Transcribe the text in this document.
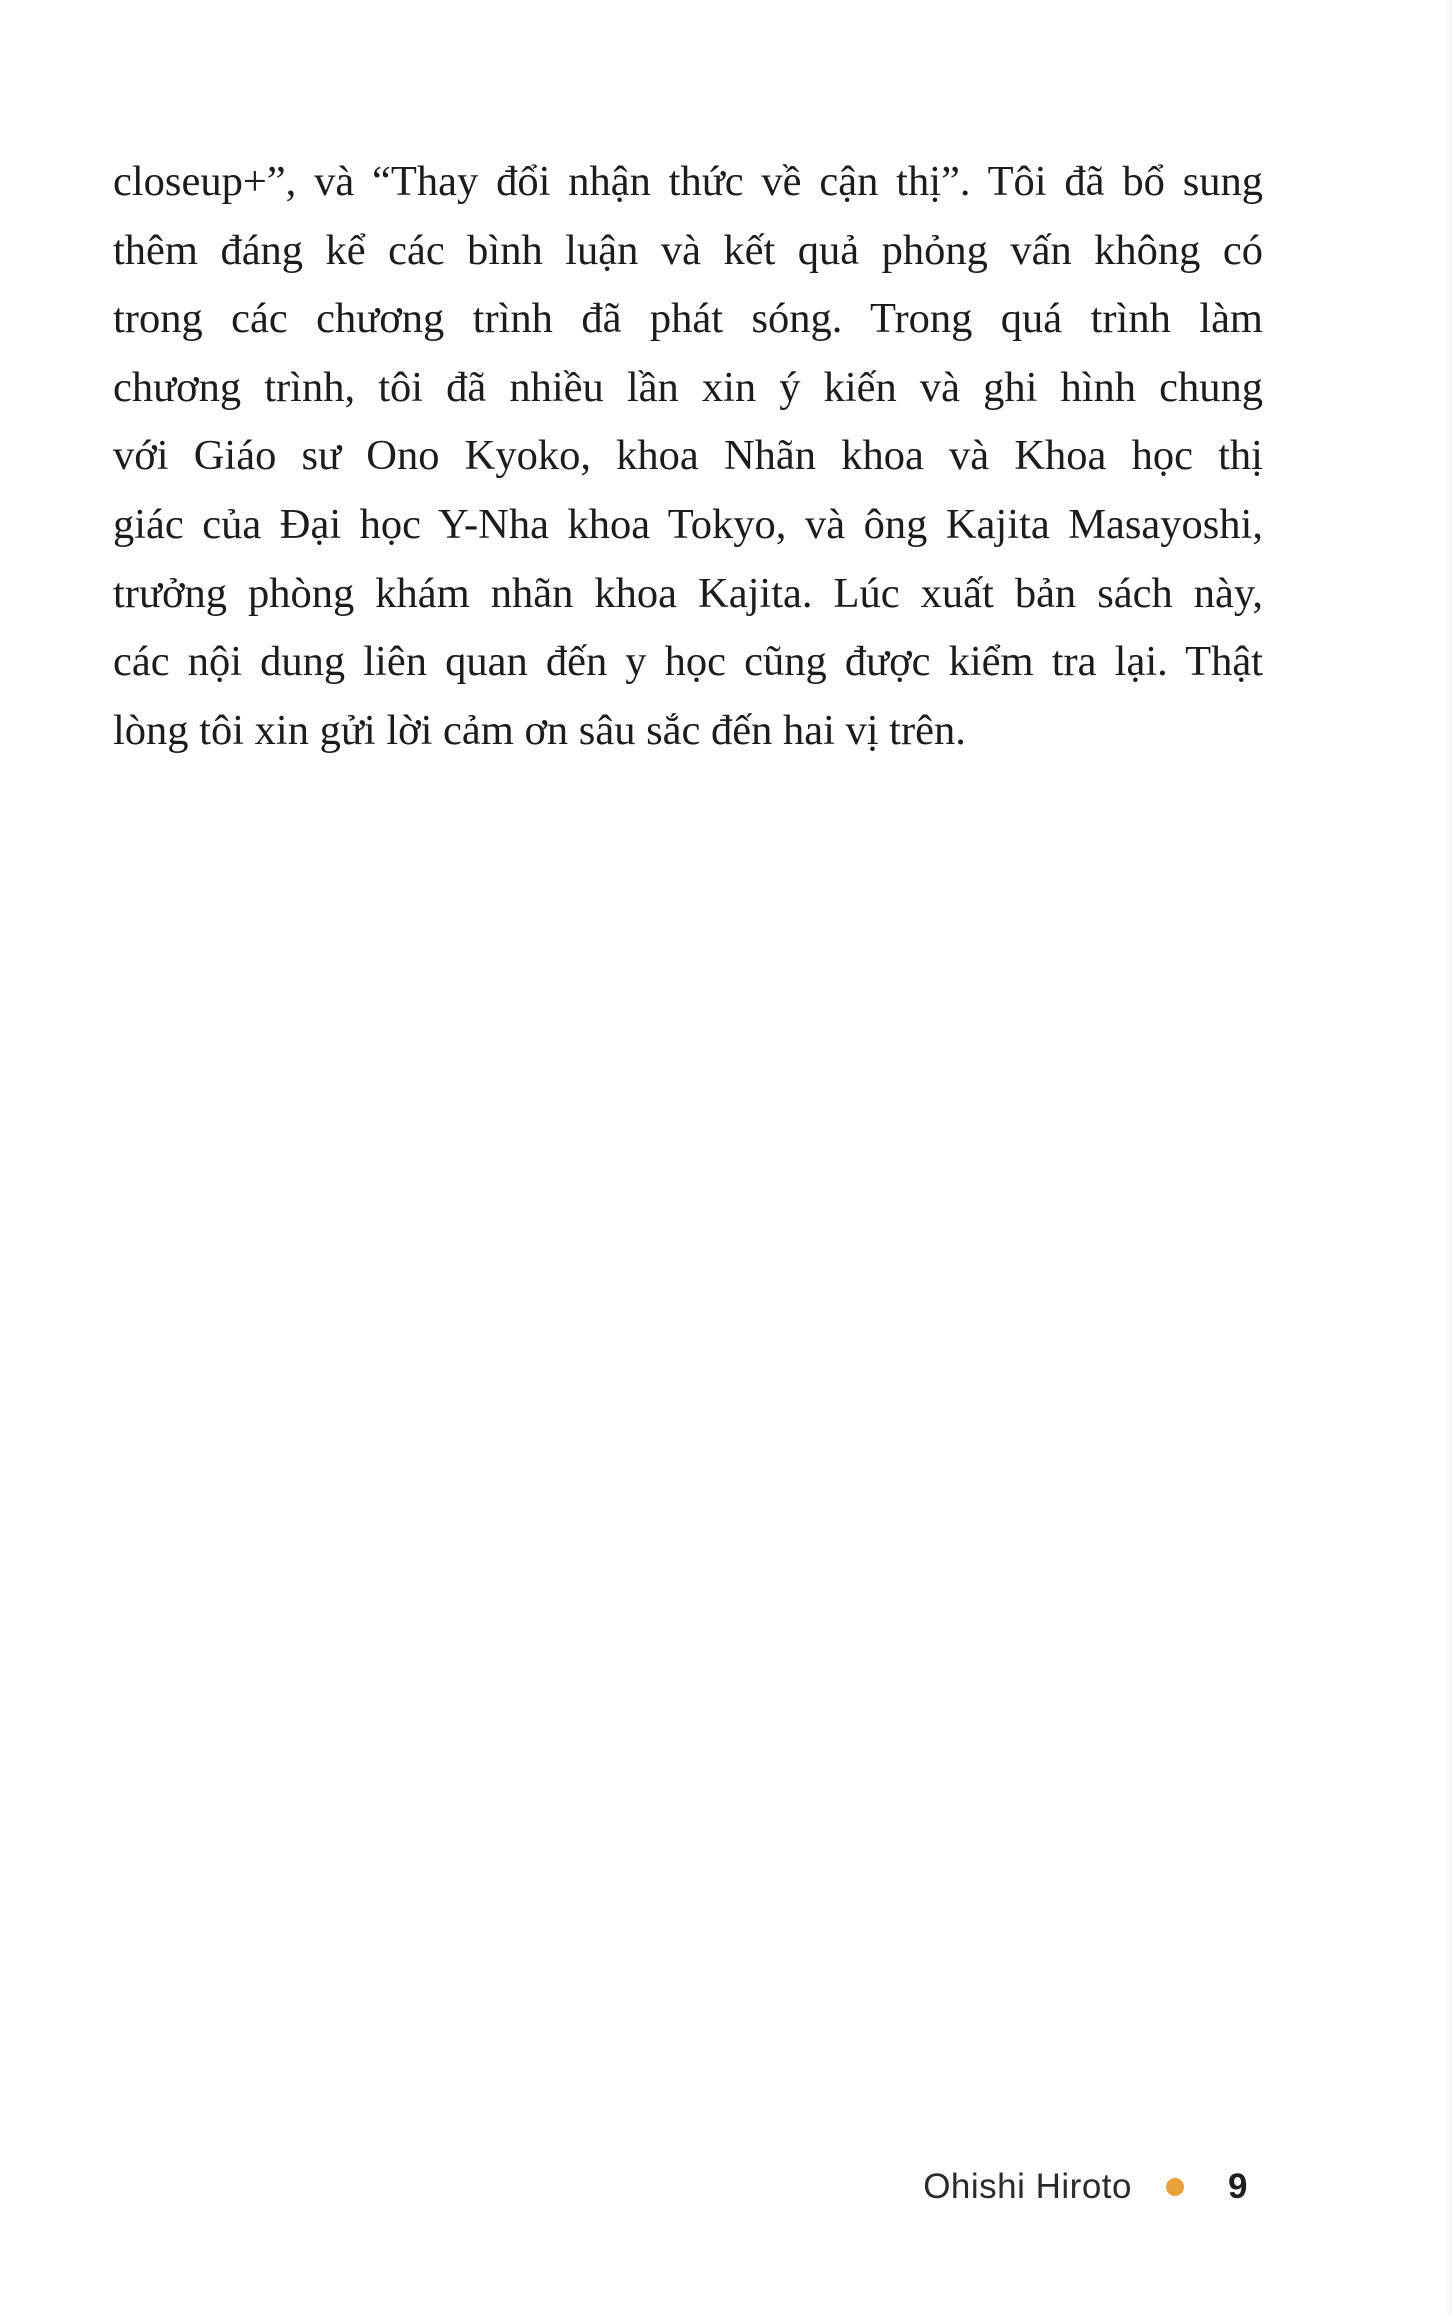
closeup+”, và “Thay đổi nhận thức về cận thị”. Tôi đã bổ sung
thêm đáng kể các bình luận và kết quả phỏng vấn không có
trong các chương trình đã phát sóng. Trong quá trình làm
chương trình, tôi đã nhiều lần xin ý kiến và ghi hình chung
với Giáo sư Ono Kyoko, khoa Nhãn khoa và Khoa học thị
giác của Đại học Y-Nha khoa Tokyo, và ông Kajita Masayoshi,
trưởng phòng khám nhãn khoa Kajita. Lúc xuất bản sách này,
các nội dung liên quan đến y học cũng được kiểm tra lại. Thật
lòng tôi xin gửi lời cảm ơn sâu sắc đến hai vị trên.

Ohishi Hiroto	9
